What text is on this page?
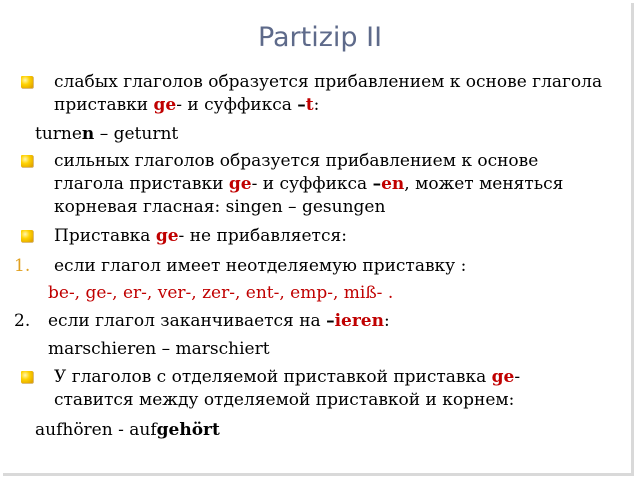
Partizip II
слабых глаголов образуется прибавлением к основе глагола
приставки ge- и суффикса –t:
turnen – geturnt
сильных глаголов образуется прибавлением к основе
глагола приставки ge- и суффикса –en, может меняться
корневая гласная: singen – gesungen
Приставка ge- не прибавляется:
1. если глагол имеет неотделяемую приставку :
be-, ge-, er-, ver-, zer-, ent-, emp-, miß- .
2. если глагол заканчивается на –ieren:
marschieren – marschiert
У глаголов с отделяемой приставкой приставка ge-
ставится между отделяемой приставкой и корнем:
aufhören - aufgehört
